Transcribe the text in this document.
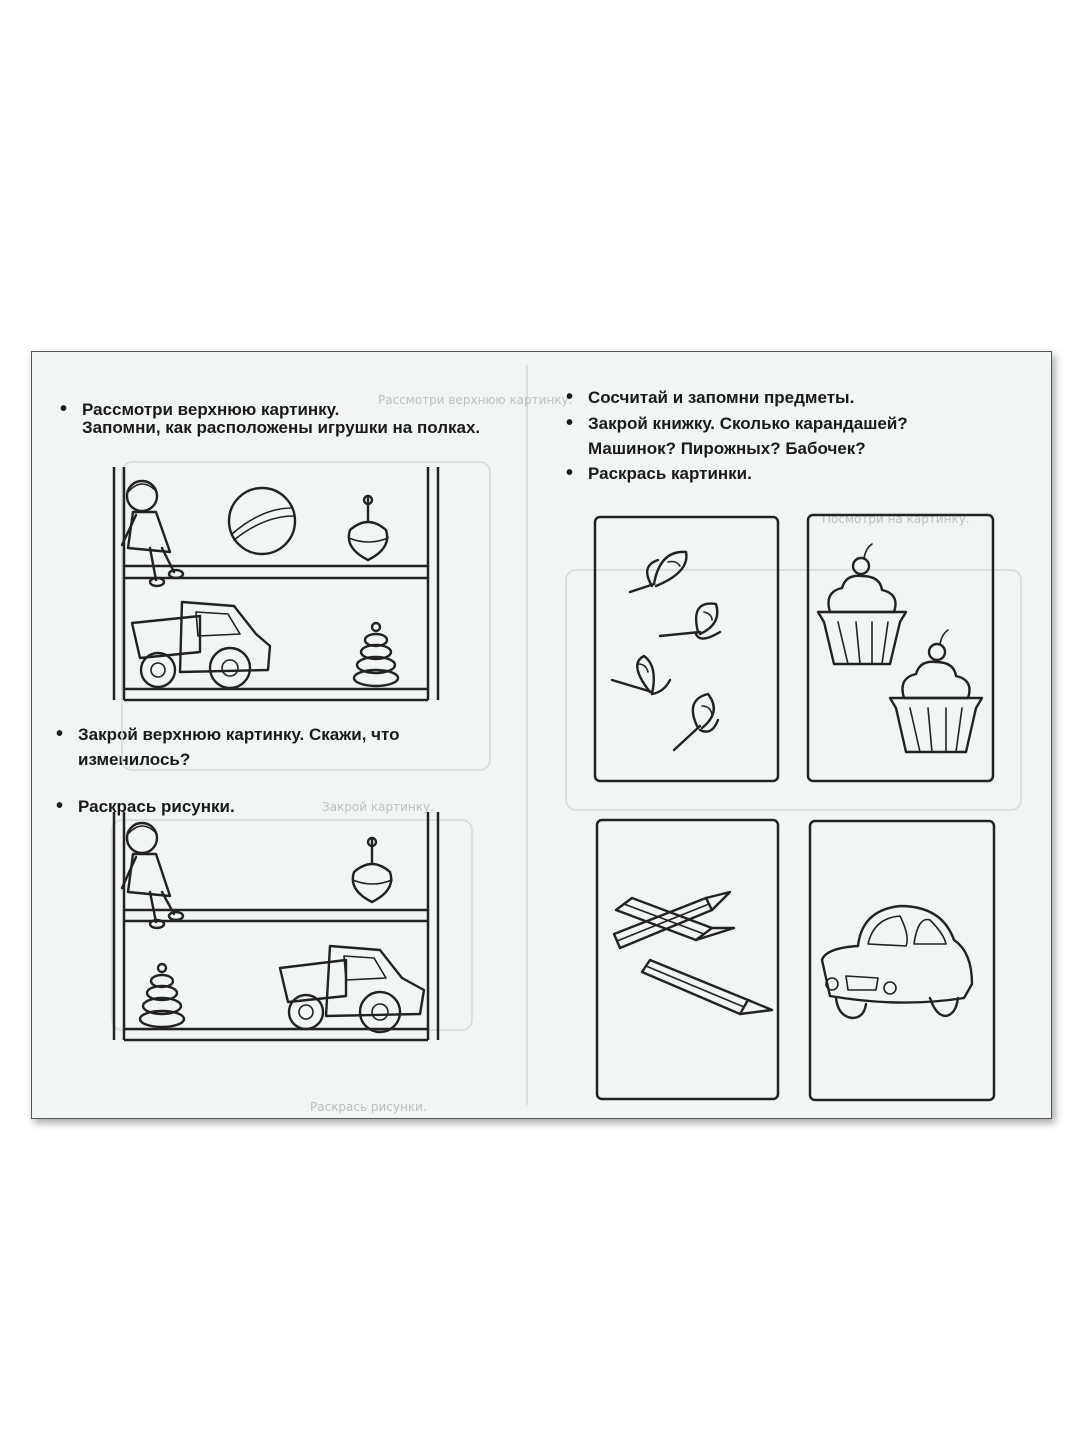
Рассмотри верхнюю картинку.
Закрой картинку.
Раскрась рисунки.
Посмотри на картинку.
• Рассмотри верхнюю картинку.
Запомни, как расположены игрушки на полках.
• Закрой верхнюю картинку. Скажи, что
изменилось?
• Раскрась рисунки.
• Сосчитай и запомни предметы.
• Закрой книжку. Сколько карандашей?
Машинок? Пирожных? Бабочек?
• Раскрась картинки.
